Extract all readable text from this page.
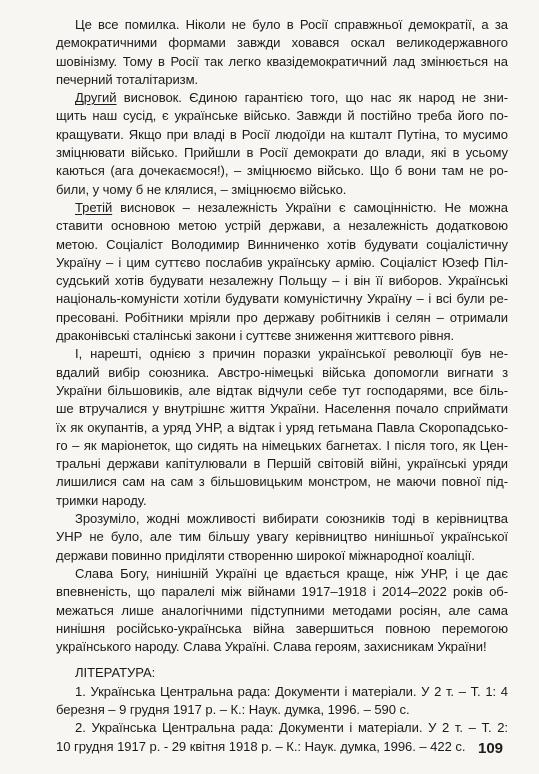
Це все помилка. Ніколи не було в Росії справжньої демократії, а за

демократичними формами завжди ховався оскал великодержавного
шовінізму. Тому в Росії так легко квазідемократичний лад змінюється на
печерний тоталітаризм.

Другий висновок. Єдиною гарантією того, що нас як народ не зни-
щить наш сусід, є українське військо. Завжди й постійно треба його по-
кращувати. Якщо при владі в Росії людоїди на кшталт Путіна, то мусимо
зміцнювати військо. Прийшли в Росії демократи до влади, які в усьому
каються (ага дочекаємося!), – зміцнюємо військо. Що б вони там не ро-
били, у чому б не клялися, – зміцнюємо військо.

Третій висновок – незалежність України є самоцінністю. Не можна
ставити основною метою устрій держави, а незалежність додатковою
метою. Соціаліст Володимир Винниченко хотів будувати соціалістичну
Україну – і цим суттєво послабив українську армію. Соціаліст Юзеф Піл-
судський хотів будувати незалежну Польщу – і він її виборов. Українські
національ-комуністи хотіли будувати комуністичну Україну – і всі були ре-
пресовані. Робітники мріяли про державу робітників і селян – отримали
драконівські сталінські закони і суттєве зниження життєвого рівня.

І, нарешті, однією з причин поразки української революції був не-
вдалий вибір союзника. Австро-німецькі війська допомогли вигнати з
України більшовиків, але відтак відчули себе тут господарями, все біль-
ше втручалися у внутрішнє життя України. Населення почало сприймати
їх як окупантів, а уряд УНР, а відтак і уряд гетьмана Павла Скоропадсько-
го – як маріонеток, що сидять на німецьких багнетах. І після того, як Цен-
тральні держави капітулювали в Першій світовій війні, українські уряди
лишилися сам на сам з більшовицьким монстром, не маючи повної під-
тримки народу.

Зрозуміло, жодні можливості вибирати союзників тоді в керівництва
УНР не було, але тим більшу увагу керівництво нинішньої української
держави повинно приділяти створенню широкої міжнародної коаліції.

Слава Богу, нинішній Україні це вдається краще, ніж УНР, і це дає
впевненість, що паралелі між війнами 1917–1918 і 2014–2022 років об-
межаться лише аналогічними підступними методами росіян, але сама
нинішня російсько-українська війна завершиться повною перемогою
українського народу. Слава Україні. Слава героям, захисникам України!

ЛІТЕРАТУРА:

1. Українська Центральна рада: Документи і матеріали. У 2 т. – Т. 1: 4
березня – 9 грудня 1917 р. – К.: Наук. думка, 1996. – 590 с.

2. Українська Центральна рада: Документи і матеріали. У 2 т. – Т. 2:
10 грудня 1917 р. - 29 квітня 1918 р. – К.: Наук. думка, 1996. – 422 с. 109
